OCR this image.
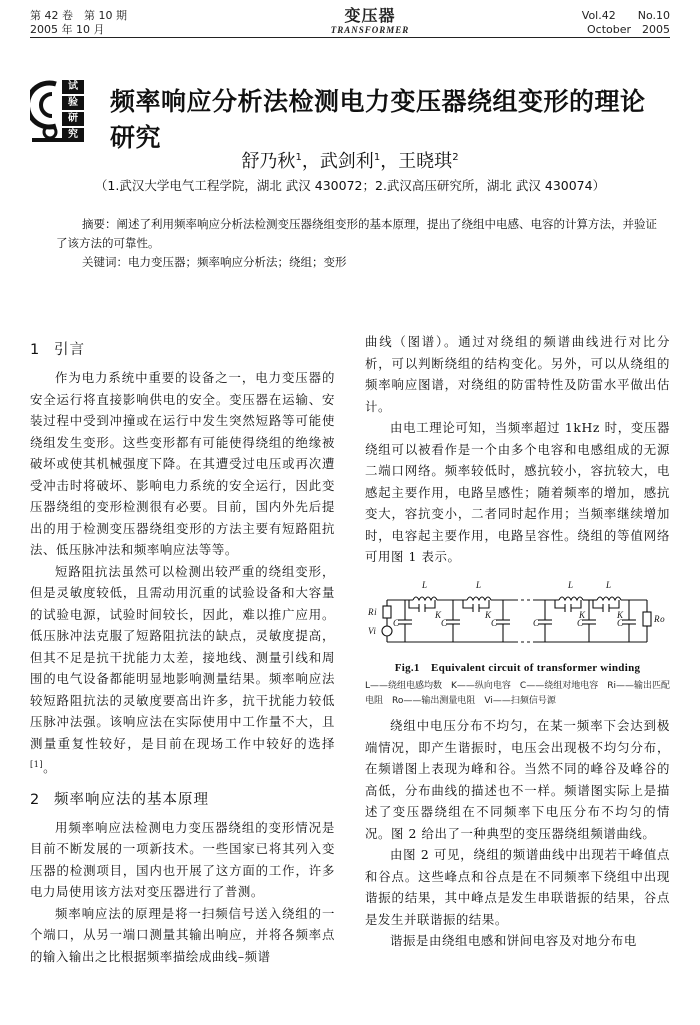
第 42 卷　第 10 期
2005 年 10 月
变压器
TRANSFORMER
Vol.42　　No.10
October　2005
试
验
研
究
频率响应分析法检测电力变压器绕组变形的理论研究
舒乃秋$^1$，武剑利$^1$，王晓琪$^2$
（1.武汉大学电气工程学院，湖北 武汉 430072；2.武汉高压研究所，湖北 武汉 430074）

摘要：阐述了利用频率响应分析法检测变压器绕组变形的基本原理，提出了绕组中电感、电容的计算方法，并验证了该方法的可靠性。

关键词：电力变压器；频率响应分析法；绕组；变形

1 引言

作为电力系统中重要的设备之一，电力变压器的安全运行将直接影响供电的安全。变压器在运输、安装过程中受到冲撞或在运行中发生突然短路等可能使绕组发生变形。这些变形都有可能使得绕组的绝缘被破坏或使其机械强度下降。在其遭受过电压或再次遭受冲击时将破坏、影响电力系统的安全运行，因此变压器绕组的变形检测很有必要。目前，国内外先后提出的用于检测变压器绕组变形的方法主要有短路阻抗法、低压脉冲法和频率响应法等等。

短路阻抗法虽然可以检测出较严重的绕组变形，但是灵敏度较低，且需动用沉重的试验设备和大容量的试验电源，试验时间较长，因此，难以推广应用。低压脉冲法克服了短路阻抗法的缺点，灵敏度提高，但其不足是抗干扰能力太差，接地线、测量引线和周围的电气设备都能明显地影响测量结果。频率响应法较短路阻抗法的灵敏度要高出许多，抗干扰能力较低压脉冲法强。该响应法在实际使用中工作量不大，且测量重复性较好，是目前在现场工作中较好的选择[1]。

2 频率响应法的基本原理

用频率响应法检测电力变压器绕组的变形情况是目前不断发展的一项新技术。一些国家已将其列入变压器的检测项目，国内也开展了这方面的工作，许多电力局使用该方法对变压器进行了普测。

频率响应法的原理是将一扫频信号送入绕组的一个端口，从另一端口测量其输出响应，并将各频率点的输入输出之比根据频率描绘成曲线–频谱

曲线（图谱）。通过对绕组的频谱曲线进行对比分析，可以判断绕组的结构变化。另外，可以从绕组的频率响应图谱，对绕组的防雷特性及防雷水平做出估计。

由电工理论可知，当频率超过 1kHz 时，变压器绕组可以被看作是一个由多个电容和电感组成的无源二端口网络。频率较低时，感抗较小，容抗较大，电感起主要作用，电路呈感性；随着频率的增加，感抗变大，容抗变小，二者同时起作用；当频率继续增加时，电容起主要作用，电路呈容性。绕组的等值网络可用图 1 表示。

L	L	L	L
K	K	K	K
C	C	C	C	C	C
Ri
Vi
Ro
Fig.1　Equivalent circuit of transformer winding

L——绕组电感均数　K——纵向电容　C——绕组对地电容　Ri——输出匹配电阻　Ro——输出测量电阻　Vi——扫频信号源

绕组中电压分布不均匀，在某一频率下会达到极端情况，即产生谐振时，电压会出现极不均匀分布，在频谱图上表现为峰和谷。当然不同的峰谷及峰谷的高低，分布曲线的描述也不一样。频谱图实际上是描述了变压器绕组在不同频率下电压分布不均匀的情况。图 2 给出了一种典型的变压器绕组频谱曲线。

由图 2 可见，绕组的频谱曲线中出现若干峰值点和谷点。这些峰点和谷点是在不同频率下绕组中出现谐振的结果，其中峰点是发生串联谐振的结果，谷点是发生并联谐振的结果。

谐振是由绕组电感和饼间电容及对地分布电
